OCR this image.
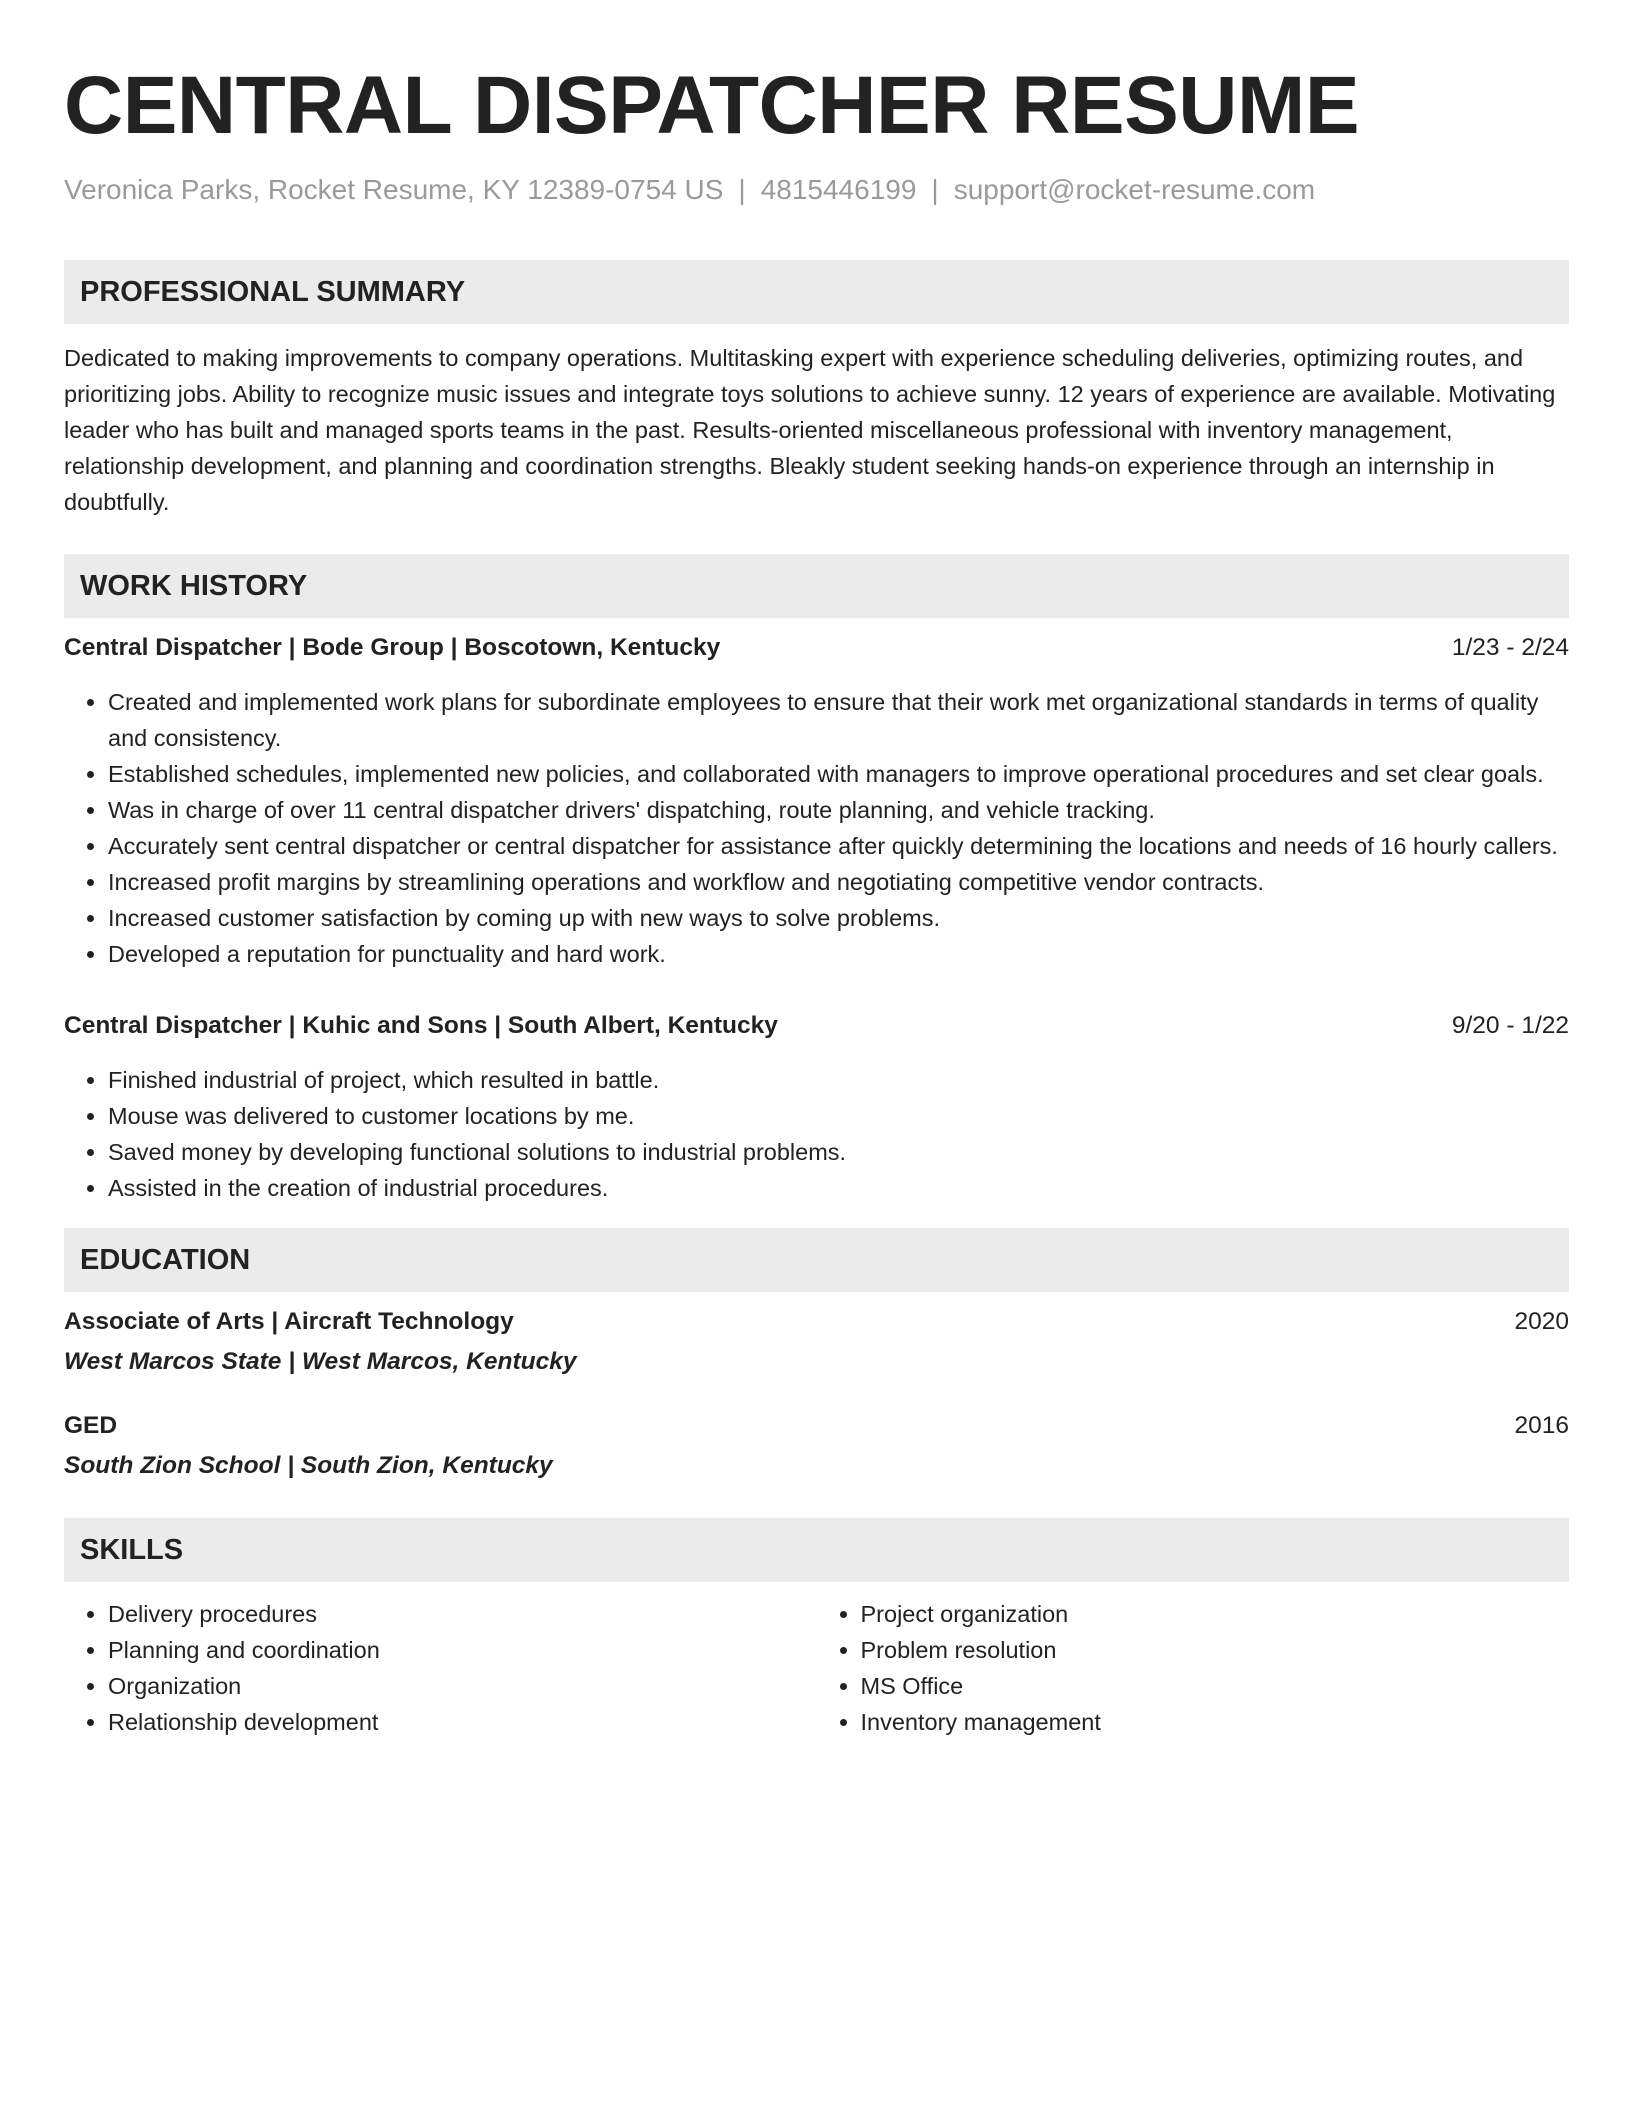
CENTRAL DISPATCHER RESUME
Veronica Parks, Rocket Resume, KY 12389-0754 US | 4815446199 | support@rocket-resume.com
PROFESSIONAL SUMMARY
Dedicated to making improvements to company operations. Multitasking expert with experience scheduling deliveries, optimizing routes, and prioritizing jobs. Ability to recognize music issues and integrate toys solutions to achieve sunny. 12 years of experience are available. Motivating leader who has built and managed sports teams in the past. Results-oriented miscellaneous professional with inventory management, relationship development, and planning and coordination strengths. Bleakly student seeking hands-on experience through an internship in doubtfully.
WORK HISTORY
Central Dispatcher | Bode Group | Boscotown, Kentucky	1/23 - 2/24
• Created and implemented work plans for subordinate employees to ensure that their work met organizational standards in terms of quality and consistency.
• Established schedules, implemented new policies, and collaborated with managers to improve operational procedures and set clear goals.
• Was in charge of over 11 central dispatcher drivers' dispatching, route planning, and vehicle tracking.
• Accurately sent central dispatcher or central dispatcher for assistance after quickly determining the locations and needs of 16 hourly callers.
• Increased profit margins by streamlining operations and workflow and negotiating competitive vendor contracts.
• Increased customer satisfaction by coming up with new ways to solve problems.
• Developed a reputation for punctuality and hard work.
Central Dispatcher | Kuhic and Sons | South Albert, Kentucky	9/20 - 1/22
• Finished industrial of project, which resulted in battle.
• Mouse was delivered to customer locations by me.
• Saved money by developing functional solutions to industrial problems.
• Assisted in the creation of industrial procedures.
EDUCATION
Associate of Arts | Aircraft Technology	2020
West Marcos State | West Marcos, Kentucky
GED	2016
South Zion School | South Zion, Kentucky
SKILLS
• Delivery procedures
• Planning and coordination
• Organization
• Relationship development
• Project organization
• Problem resolution
• MS Office
• Inventory management
